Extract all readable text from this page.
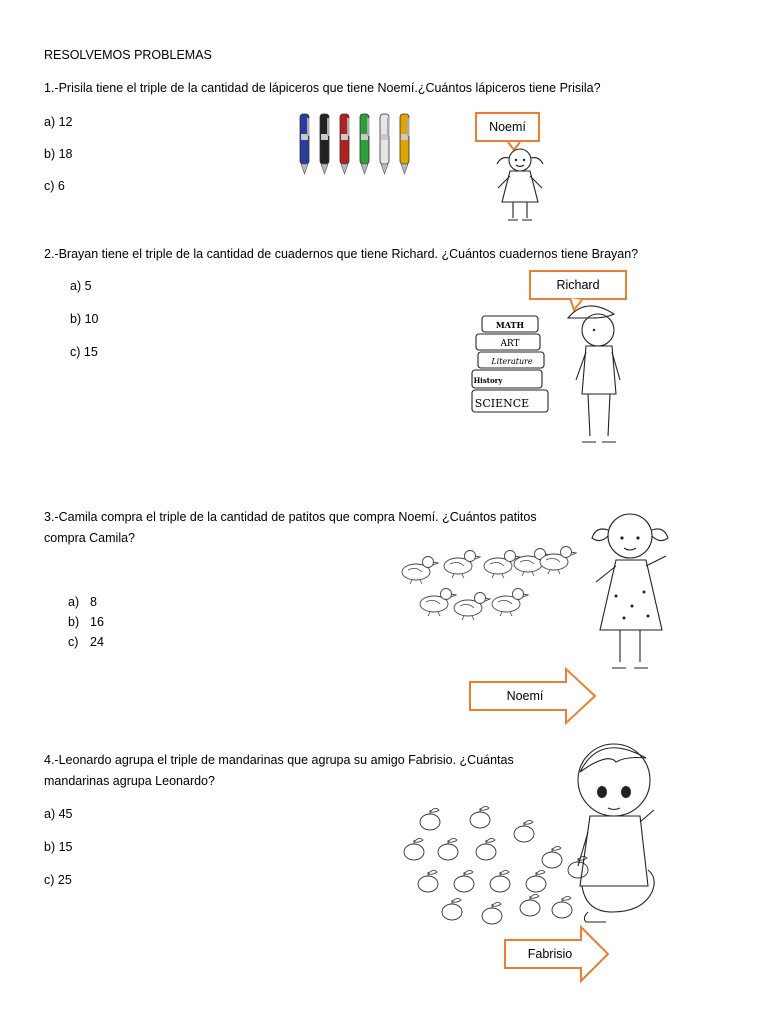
RESOLVEMOS PROBLEMAS
1.-Prisila tiene el triple de la cantidad de lápiceros que tiene Noemí.¿Cuántos lápiceros tiene Prisila?
a) 12
b) 18
c) 6
Noemí
2.-Brayan tiene el triple de la cantidad de cuadernos que tiene Richard. ¿Cuántos cuadernos tiene Brayan?
a) 5
b) 10
c) 15
MATH
ART
Literature
History
SCIENCE
Richard
3.-Camila compra el triple de la cantidad de patitos que compra Noemí. ¿Cuántos patitos
compra Camila?
a) 8
b) 16
c) 24
Noemí
4.-Leonardo agrupa el triple de mandarinas que agrupa su amigo Fabrisio. ¿Cuántas
mandarinas agrupa Leonardo?
a) 45
b) 15
c) 25
Fabrisio
